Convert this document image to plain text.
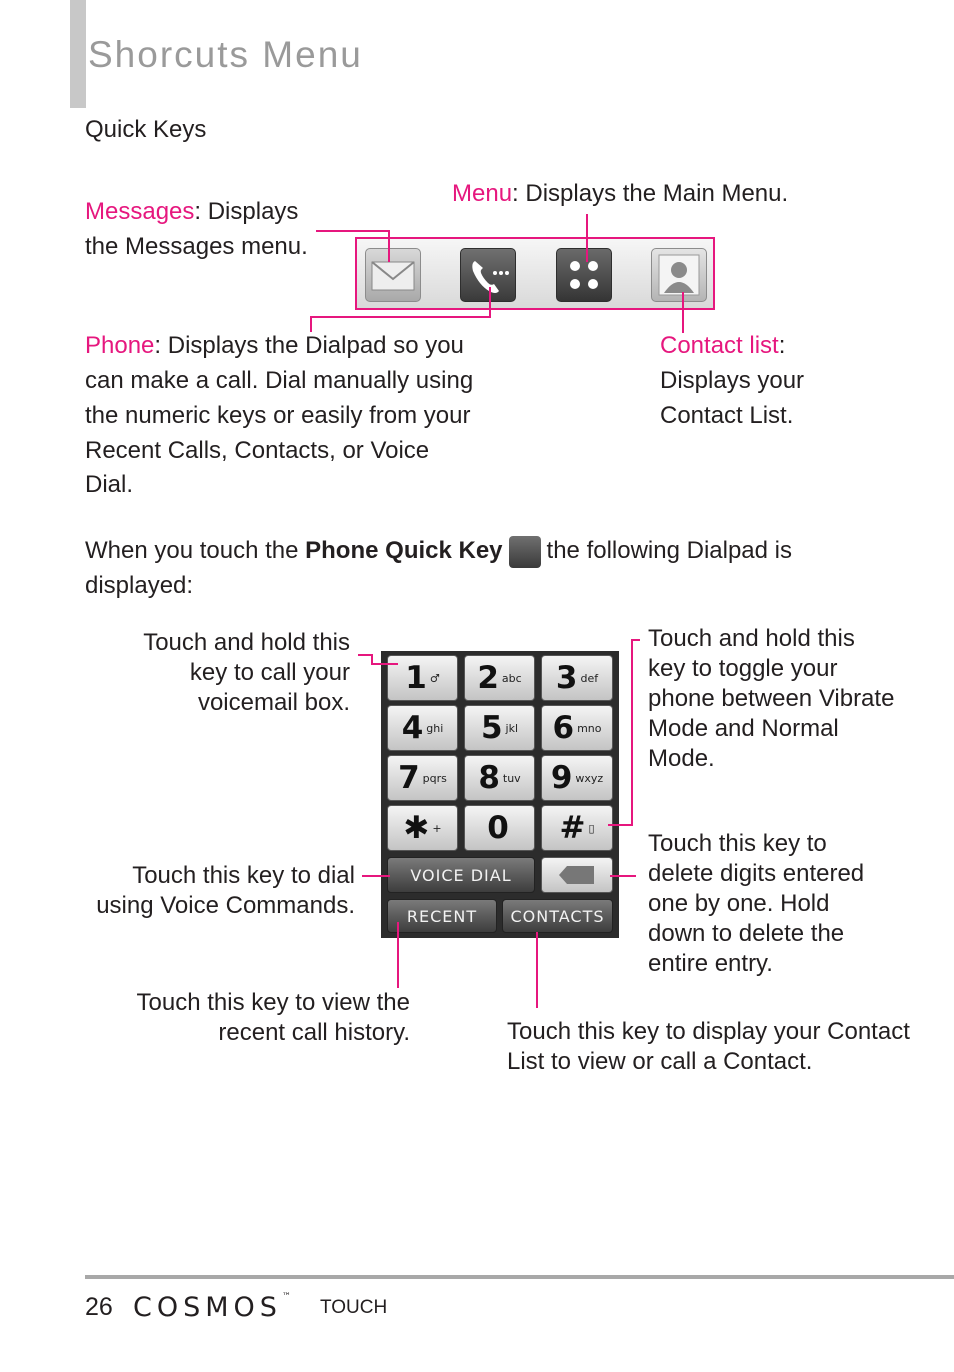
Shorcuts Menu
Quick Keys
Messages: Displays
the Messages menu.
Menu: Displays the Main Menu.
Phone: Displays the Dialpad so you
can make a call. Dial manually using
the numeric keys or easily from your
Recent Calls, Contacts, or Voice
Dial.
Contact list:
Displays your
Contact List.
When you touch the Phone Quick Key the following Dialpad is
displayed:
1 ♂ 2 abc 3 def
4 ghi 5 jkl 6 mno
7 pqrs 8 tuv 9 wxyz
✱ + 0 # ▯
VOICE DIAL
RECENT CONTACTS
Touch and hold this
key to call your
voicemail box.
Touch and hold this
key to toggle your
phone between Vibrate
Mode and Normal
Mode.
Touch this key to dial
using Voice Commands.
Touch this key to
delete digits entered
one by one. Hold
down to delete the
entire entry.
Touch this key to view the
recent call history.	Touch this key to display your Contact
List to view or call a Contact.
26 COSMOS™ TOUCH
